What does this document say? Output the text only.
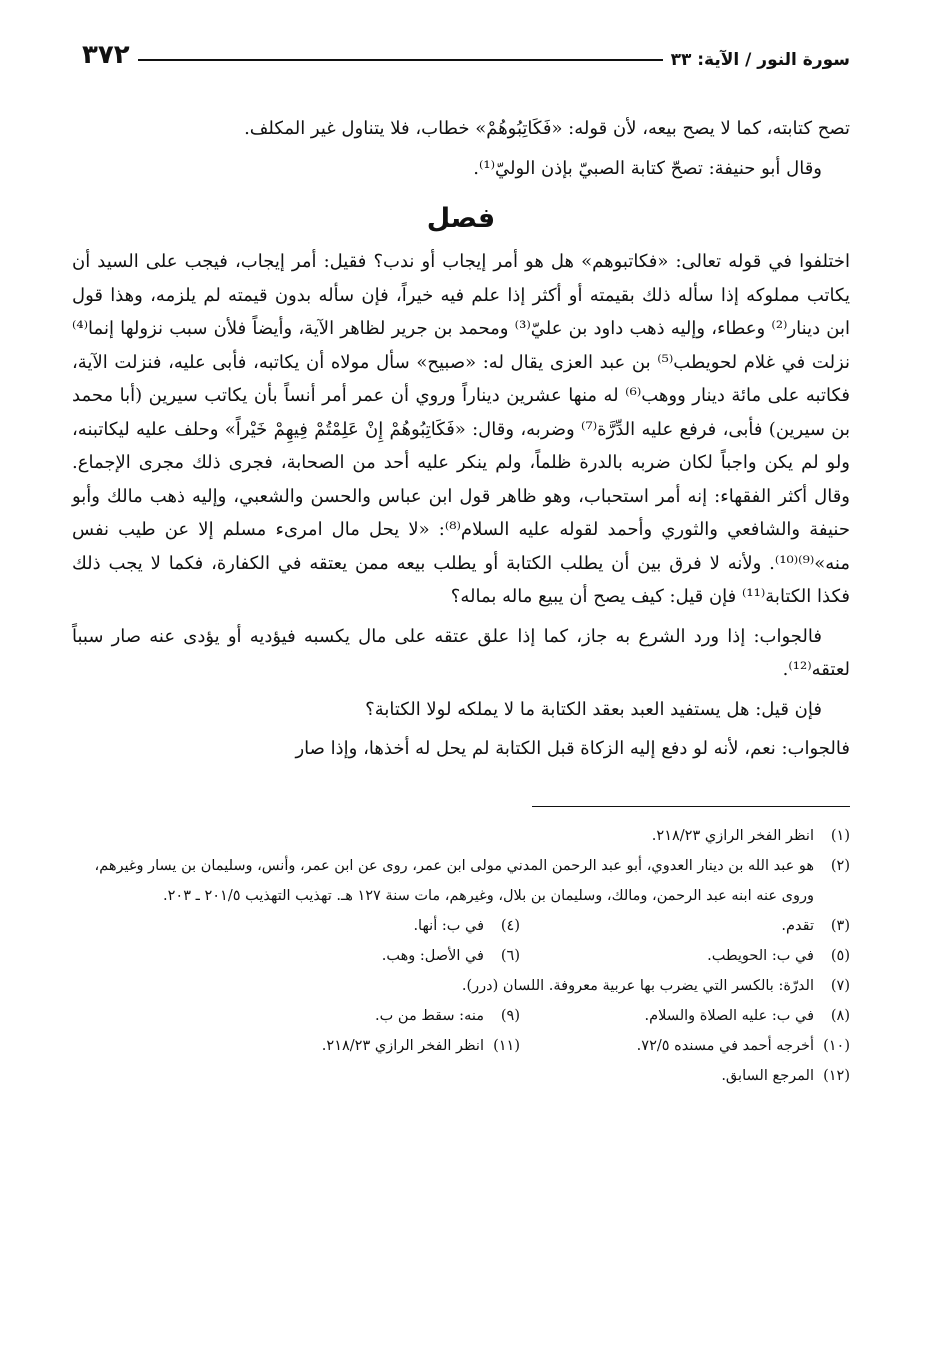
سورة النور / الآية: ٣٣
٣٧٢

تصح كتابته، كما لا يصح بيعه، لأن قوله: «فَكَاتِبُوهُمْ» خطاب، فلا يتناول غير المكلف.

وقال أبو حنيفة: تصحّ كتابة الصبيّ بإذن الوليّ⁽¹⁾.

فصل

اختلفوا في قوله تعالى: «فكاتبوهم» هل هو أمر إيجاب أو ندب؟ فقيل: أمر إيجاب، فيجب على السيد أن يكاتب مملوكه إذا سأله ذلك بقيمته أو أكثر إذا علم فيه خيراً، فإن سأله بدون قيمته لم يلزمه، وهذا قول ابن دينار⁽²⁾ وعطاء، وإليه ذهب داود بن عليّ⁽³⁾ ومحمد بن جرير لظاهر الآية، وأيضاً فلأن سبب نزولها إنما⁽⁴⁾ نزلت في غلام لحويطب⁽⁵⁾ بن عبد العزى يقال له: «صبيح» سأل مولاه أن يكاتبه، فأبى عليه، فنزلت الآية، فكاتبه على مائة دينار ووهب⁽⁶⁾ له منها عشرين ديناراً وروي أن عمر أمر أنساً بأن يكاتب سيرين (أبا محمد بن سيرين) فأبى، فرفع عليه الدِّرَّة⁽⁷⁾ وضربه، وقال: «فَكَاتِبُوهُمْ إِنْ عَلِمْتُمْ فِيهِمْ خَيْراً» وحلف عليه ليكاتبنه، ولو لم يكن واجباً لكان ضربه بالدرة ظلماً، ولم ينكر عليه أحد من الصحابة، فجرى ذلك مجرى الإجماع. وقال أكثر الفقهاء: إنه أمر استحباب، وهو ظاهر قول ابن عباس والحسن والشعبي، وإليه ذهب مالك وأبو حنيفة والشافعي والثوري وأحمد لقوله عليه السلام⁽⁸⁾: «لا يحل مال امرىء مسلم إلا عن طيب نفس منه»⁽⁹⁾⁽¹⁰⁾. ولأنه لا فرق بين أن يطلب الكتابة أو يطلب بيعه ممن يعتقه في الكفارة، فكما لا يجب ذلك فكذا الكتابة⁽¹¹⁾ فإن قيل: كيف يصح أن يبيع ماله بماله؟

فالجواب: إذا ورد الشرع به جاز، كما إذا علق عتقه على مال يكسبه فيؤديه أو يؤدى عنه صار سبباً لعتقه⁽¹²⁾.

فإن قيل: هل يستفيد العبد بعقد الكتابة ما لا يملكه لولا الكتابة؟

فالجواب: نعم، لأنه لو دفع إليه الزكاة قبل الكتابة لم يحل له أخذها، وإذا صار

(١)
انظر الفخر الرازي ٢١٨/٢٣.
(٢)
هو عبد الله بن دينار العدوي، أبو عبد الرحمن المدني مولى ابن عمر، روى عن ابن عمر، وأنس، وسليمان بن يسار وغيرهم، وروى عنه ابنه عبد الرحمن، ومالك، وسليمان بن بلال، وغيرهم، مات سنة ١٢٧ هـ. تهذيب التهذيب ٢٠١/٥ ـ ٢٠٣.
(٣)
تقدم.
(٤)
في ب: أنها.
(٥)
في ب: الحويطب.
(٦)
في الأصل: وهب.
(٧)
الدرّة: بالكسر التي يضرب بها عربية معروفة. اللسان (درر).
(٨)
في ب: عليه الصلاة والسلام.
(٩)
منه: سقط من ب.
(١٠)
أخرجه أحمد في مسنده ٧٢/٥.
(١١)
انظر الفخر الرازي ٢١٨/٢٣.
(١٢)
المرجع السابق.
